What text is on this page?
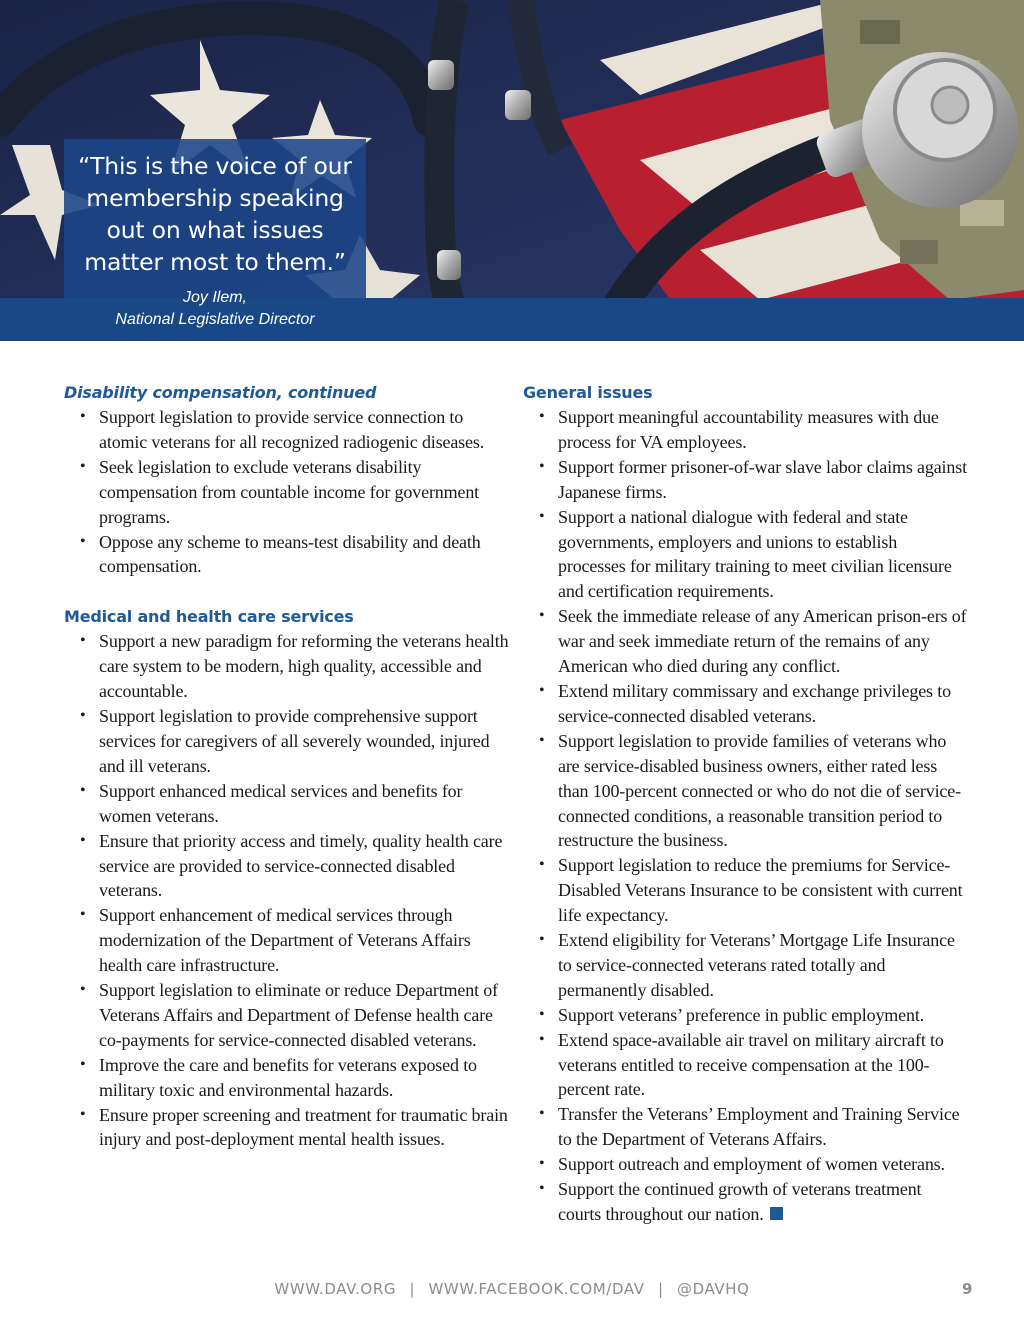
“This is the voice of our membership speaking out on what issues matter most to them.”
Joy Ilem,
National Legislative Director
Disability compensation, continued
• Support legislation to provide service connection to atomic veterans for all recognized radiogenic diseases.
• Seek legislation to exclude veterans disability compensation from countable income for government programs.
• Oppose any scheme to means-test disability and death compensation.
Medical and health care services
• Support a new paradigm for reforming the veterans health care system to be modern, high quality, accessible and accountable.
• Support legislation to provide comprehensive support services for caregivers of all severely wounded, injured and ill veterans.
• Support enhanced medical services and benefits for women veterans.
• Ensure that priority access and timely, quality health care service are provided to service-connected disabled veterans.
• Support enhancement of medical services through modernization of the Department of Veterans Affairs health care infrastructure.
• Support legislation to eliminate or reduce Department of Veterans Affairs and Department of Defense health care co-payments for service-connected disabled veterans.
• Improve the care and benefits for veterans exposed to military toxic and environmental hazards.
• Ensure proper screening and treatment for traumatic brain injury and post-deployment mental health issues.
General issues
• Support meaningful accountability measures with due process for VA employees.
• Support former prisoner-of-war slave labor claims against Japanese firms.
• Support a national dialogue with federal and state governments, employers and unions to establish processes for military training to meet civilian licensure and certification requirements.
• Seek the immediate release of any American prison-ers of war and seek immediate return of the remains of any American who died during any conflict.
• Extend military commissary and exchange privileges to service-connected disabled veterans.
• Support legislation to provide families of veterans who are service-disabled business owners, either rated less than 100-percent connected or who do not die of service-connected conditions, a reasonable transition period to restructure the business.
• Support legislation to reduce the premiums for Service-Disabled Veterans Insurance to be consistent with current life expectancy.
• Extend eligibility for Veterans’ Mortgage Life Insurance to service-connected veterans rated totally and permanently disabled.
• Support veterans’ preference in public employment.
• Extend space-available air travel on military aircraft to veterans entitled to receive compensation at the 100-percent rate.
• Transfer the Veterans’ Employment and Training Service to the Department of Veterans Affairs.
• Support outreach and employment of women veterans.
• Support the continued growth of veterans treatment courts throughout our nation.
WWW.DAV.ORG | WWW.FACEBOOK.COM/DAV | @DAVHQ	9
